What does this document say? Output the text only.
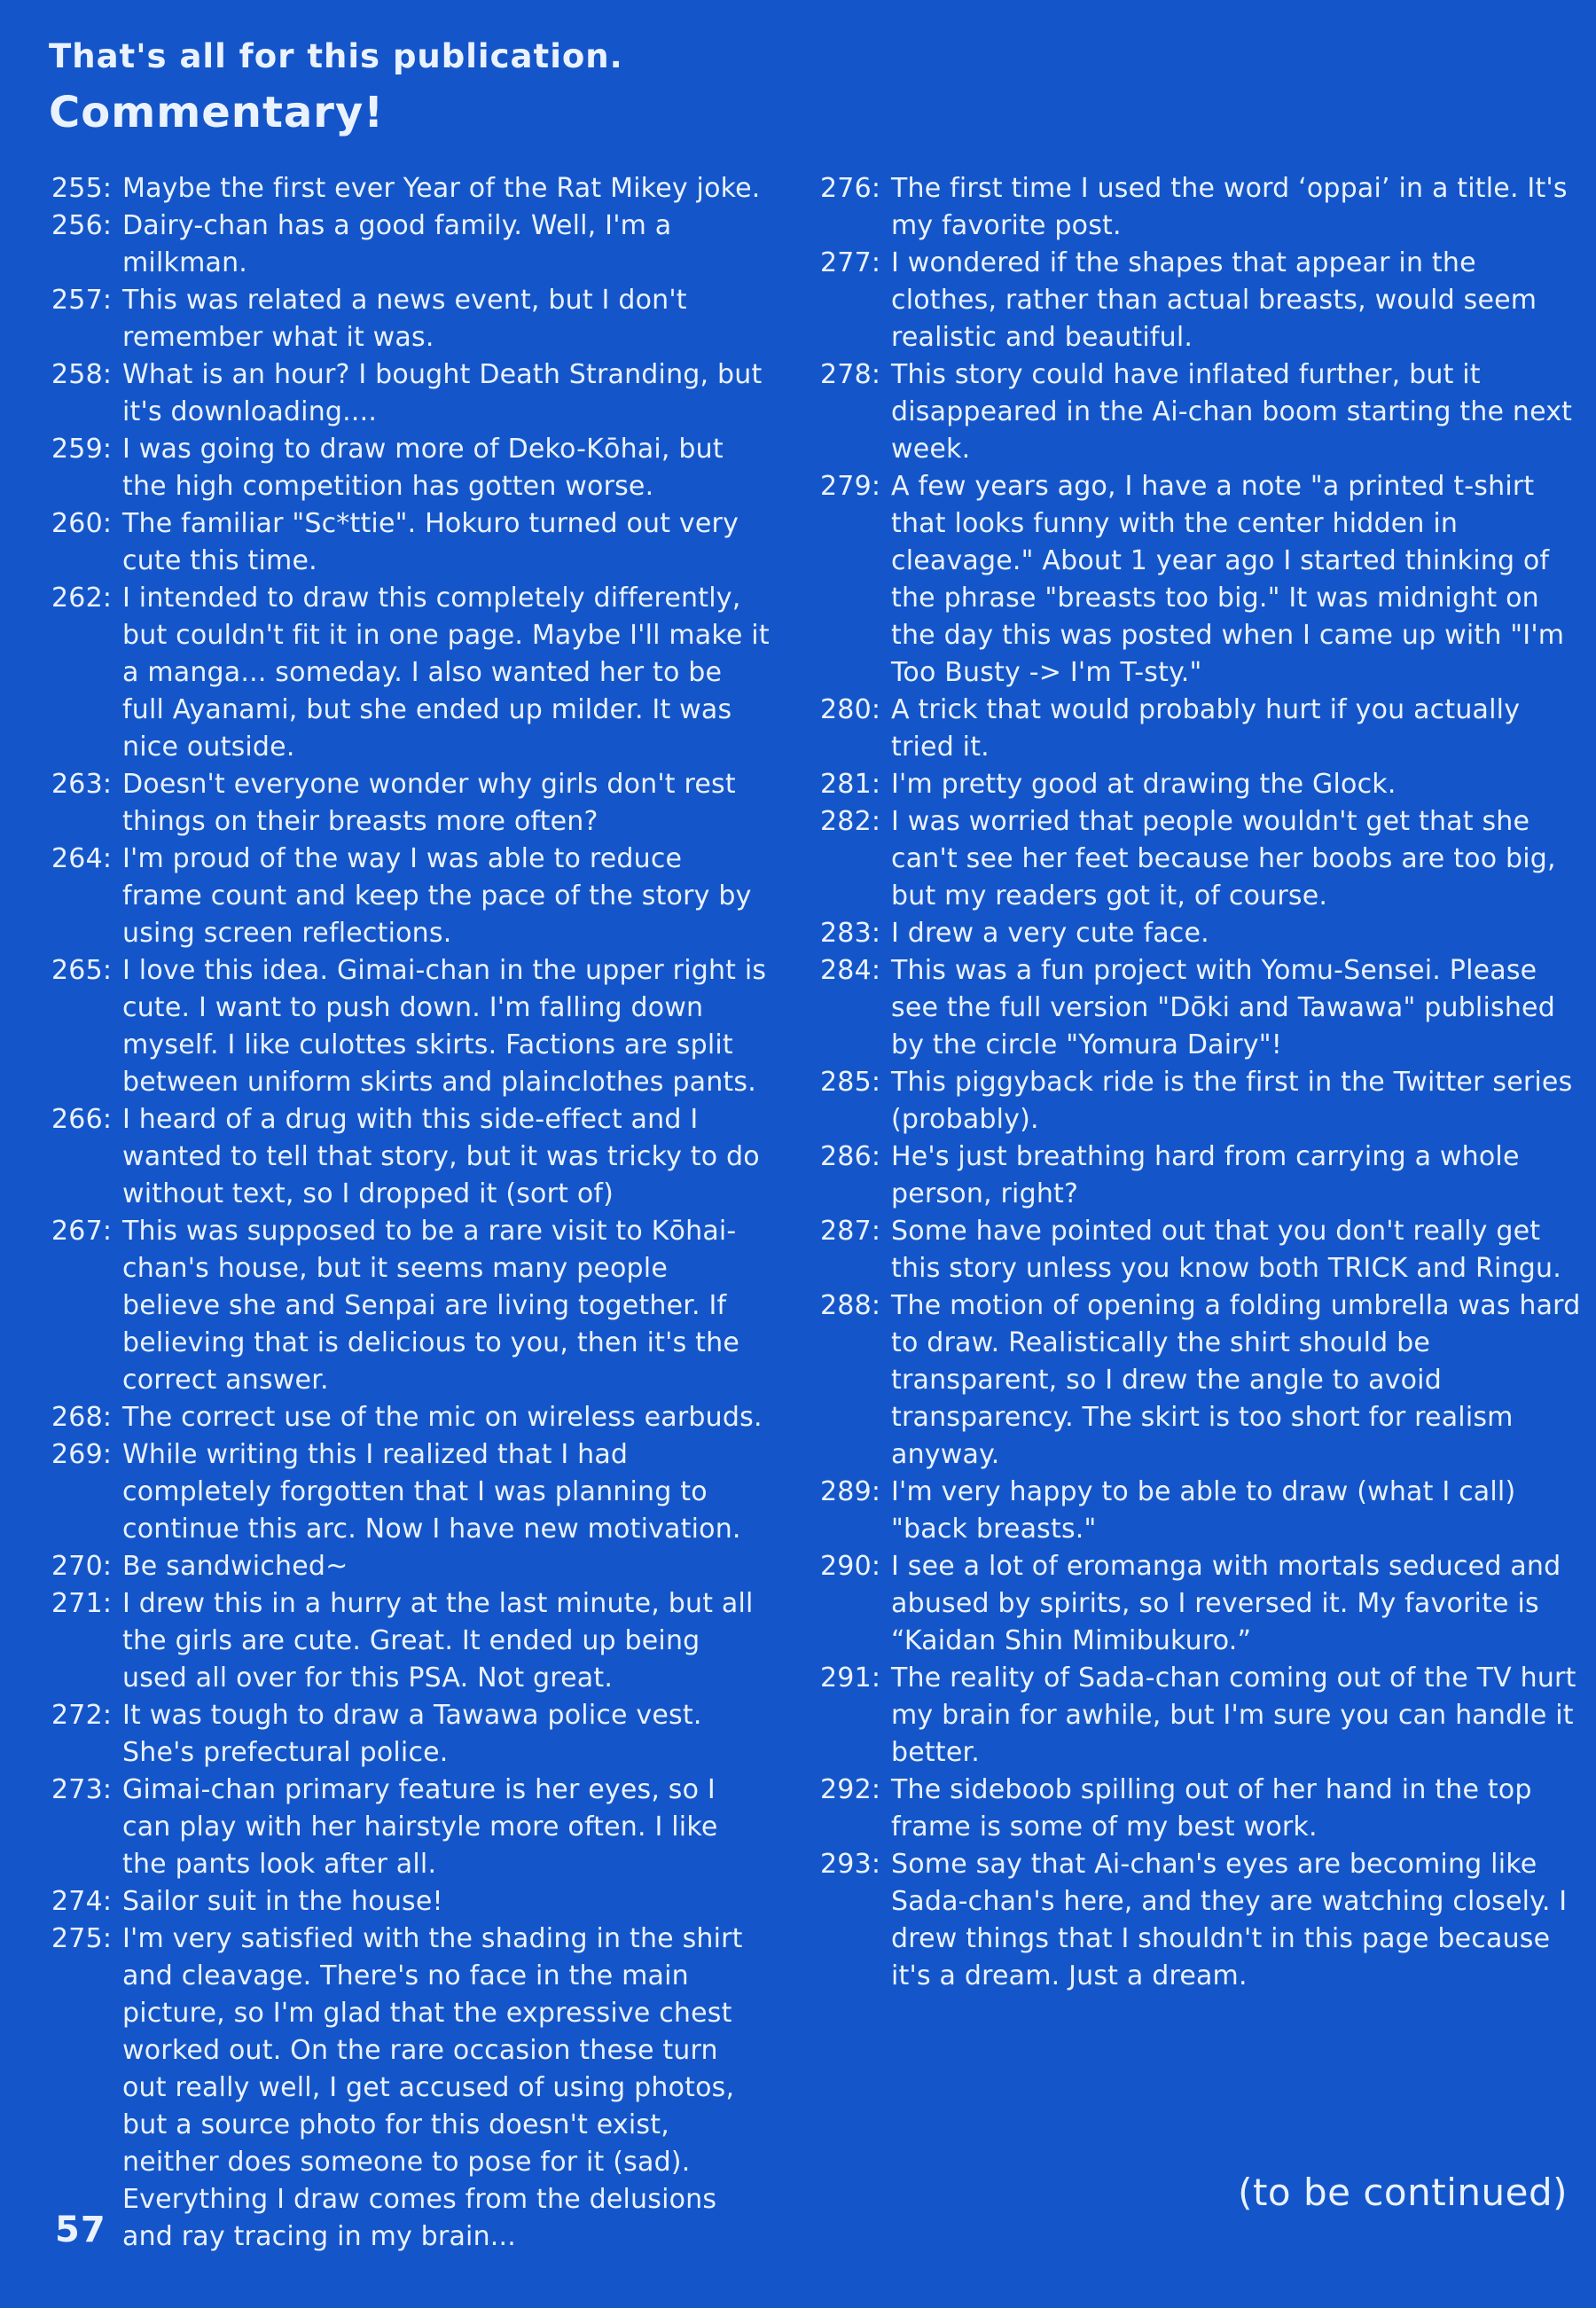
That's all for this publication.

Commentary!

255: Maybe the first ever Year of the Rat Mikey joke.
256: Dairy-chan has a good family. Well, I'm a milkman.
257: This was related a news event, but I don't remember what it was.
258: What is an hour? I bought Death Stranding, but it's downloading....
259: I was going to draw more of Deko-Kōhai, but the high competition has gotten worse.
260: The familiar "Sc*ttie". Hokuro turned out very cute this time.
262: I intended to draw this completely differently, but couldn't fit it in one page. Maybe I'll make it a manga... someday. I also wanted her to be full Ayanami, but she ended up milder. It was nice outside.
263: Doesn't everyone wonder why girls don't rest things on their breasts more often?
264: I'm proud of the way I was able to reduce frame count and keep the pace of the story by using screen reflections.
265: I love this idea. Gimai-chan in the upper right is cute. I want to push down. I'm falling down myself. I like culottes skirts. Factions are split between uniform skirts and plainclothes pants.
266: I heard of a drug with this side-effect and I wanted to tell that story, but it was tricky to do without text, so I dropped it (sort of)
267: This was supposed to be a rare visit to Kōhai-chan's house, but it seems many people believe she and Senpai are living together. If believing that is delicious to you, then it's the correct answer.
268: The correct use of the mic on wireless earbuds.
269: While writing this I realized that I had completely forgotten that I was planning to continue this arc. Now I have new motivation.
270: Be sandwiched~
271: I drew this in a hurry at the last minute, but all the girls are cute. Great. It ended up being used all over for this PSA. Not great.
272: It was tough to draw a Tawawa police vest. She's prefectural police.
273: Gimai-chan primary feature is her eyes, so I can play with her hairstyle more often. I like the pants look after all.
274: Sailor suit in the house!
275: I'm very satisfied with the shading in the shirt and cleavage. There's no face in the main picture, so I'm glad that the expressive chest worked out. On the rare occasion these turn out really well, I get accused of using photos, but a source photo for this doesn't exist, neither does someone to pose for it (sad). Everything I draw comes from the delusions and ray tracing in my brain...
276: The first time I used the word ‘oppai’ in a title. It's my favorite post.
277: I wondered if the shapes that appear in the clothes, rather than actual breasts, would seem realistic and beautiful.
278: This story could have inflated further, but it disappeared in the Ai-chan boom starting the next week.
279: A few years ago, I have a note "a printed t-shirt that looks funny with the center hidden in cleavage." About 1 year ago I started thinking of the phrase "breasts too big." It was midnight on the day this was posted when I came up with "I'm Too Busty -> I'm T-sty."
280: A trick that would probably hurt if you actually tried it.
281: I'm pretty good at drawing the Glock.
282: I was worried that people wouldn't get that she can't see her feet because her boobs are too big, but my readers got it, of course.
283: I drew a very cute face.
284: This was a fun project with Yomu-Sensei. Please see the full version "Dōki and Tawawa" published by the circle "Yomura Dairy"!
285: This piggyback ride is the first in the Twitter series (probably).
286: He's just breathing hard from carrying a whole person, right?
287: Some have pointed out that you don't really get this story unless you know both TRICK and Ringu.
288: The motion of opening a folding umbrella was hard to draw. Realistically the shirt should be transparent, so I drew the angle to avoid transparency. The skirt is too short for realism anyway.
289: I'm very happy to be able to draw (what I call) "back breasts."
290: I see a lot of eromanga with mortals seduced and abused by spirits, so I reversed it. My favorite is “Kaidan Shin Mimibukuro.”
291: The reality of Sada-chan coming out of the TV hurt my brain for awhile, but I'm sure you can handle it better.
292: The sideboob spilling out of her hand in the top frame is some of my best work.
293: Some say that Ai-chan's eyes are becoming like Sada-chan's here, and they are watching closely. I drew things that I shouldn't in this page because it's a dream. Just a dream.
57
(to be continued)
